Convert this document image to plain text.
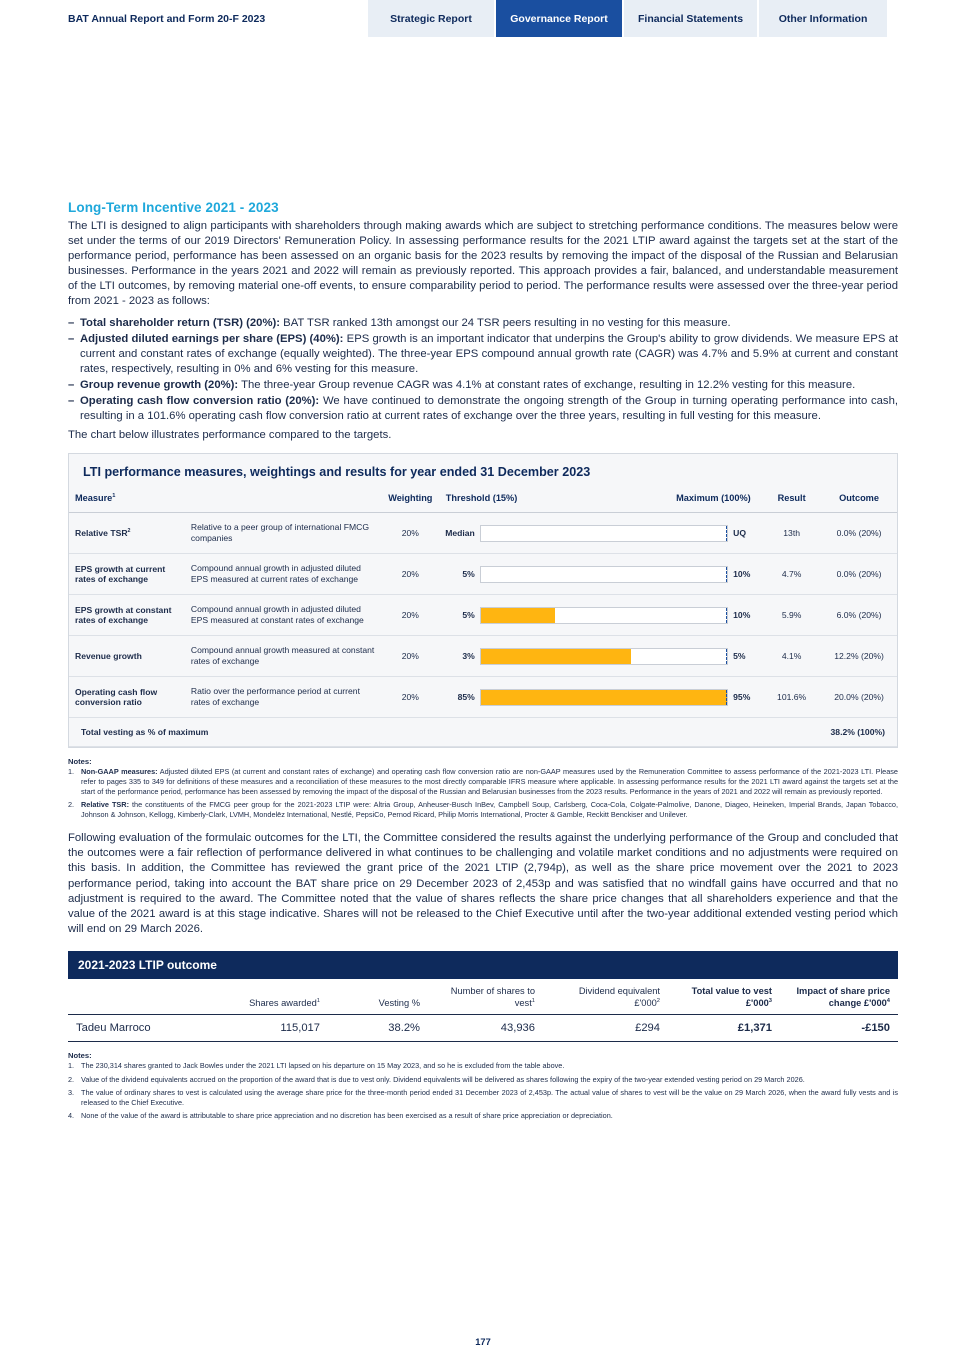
BAT Annual Report and Form 20-F 2023	Strategic Report	Governance Report	Financial Statements	Other Information
Long-Term Incentive 2021 - 2023

The LTI is designed to align participants with shareholders through making awards which are subject to stretching performance conditions. The measures below were set under the terms of our 2019 Directors' Remuneration Policy. In assessing performance results for the 2021 LTIP award against the targets set at the start of the performance period, performance has been assessed on an organic basis for the 2023 results by removing the impact of the disposal of the Russian and Belarusian businesses. Performance in the years 2021 and 2022 will remain as previously reported. This approach provides a fair, balanced, and understandable measurement of the LTI outcomes, by removing material one-off events, to ensure comparability period to period. The performance results were assessed over the three-year period from 2021 - 2023 as follows:

– Total shareholder return (TSR) (20%): BAT TSR ranked 13th amongst our 24 TSR peers resulting in no vesting for this measure.
– Adjusted diluted earnings per share (EPS) (40%): EPS growth is an important indicator that underpins the Group's ability to grow dividends. We measure EPS at current and constant rates of exchange (equally weighted). The three-year EPS compound annual growth rate (CAGR) was 4.7% and 5.9% at current and constant rates, respectively, resulting in 0% and 6% vesting for this measure.
– Group revenue growth (20%): The three-year Group revenue CAGR was 4.1% at constant rates of exchange, resulting in 12.2% vesting for this measure.
– Operating cash flow conversion ratio (20%): We have continued to demonstrate the ongoing strength of the Group in turning operating performance into cash, resulting in a 101.6% operating cash flow conversion ratio at current rates of exchange over the three years, resulting in full vesting for this measure.

The chart below illustrates performance compared to the targets.

LTI performance measures, weightings and results for year ended 31 December 2023
Measure$^1$		Weighting	Threshold (15%) Maximum (100%)	Result	Outcome
Relative TSR$^2$	Relative to a peer group of international FMCG companies	20%	Median UQ	13th	0.0% (20%)
EPS growth at current rates of exchange	Compound annual growth in adjusted diluted EPS measured at current rates of exchange	20%	5% 10%	4.7%	0.0% (20%)
EPS growth at constant rates of exchange	Compound annual growth in adjusted diluted EPS measured at constant rates of exchange	20%	5% 10%	5.9%	6.0% (20%)
Revenue growth	Compound annual growth measured at constant rates of exchange	20%	3% 5%	4.1%	12.2% (20%)
Operating cash flow conversion ratio	Ratio over the performance period at current rates of exchange	20%	85% 95%	101.6%	20.0% (20%)
Total vesting as % of maximum				38.2% (100%)	
Notes:
1. Non-GAAP measures: Adjusted diluted EPS (at current and constant rates of exchange) and operating cash flow conversion ratio are non-GAAP measures used by the Remuneration Committee to assess performance of the 2021-2023 LTI. Please refer to pages 335 to 349 for definitions of these measures and a reconciliation of these measures to the most directly comparable IFRS measure where applicable. In assessing performance results for the 2021 LTI award against the targets set at the start of the performance period, performance has been assessed by removing the impact of the disposal of the Russian and Belarusian businesses from the 2023 results. Performance in the years of 2021 and 2022 will remain as previously reported.
2. Relative TSR: the constituents of the FMCG peer group for the 2021-2023 LTIP were: Altria Group, Anheuser-Busch InBev, Campbell Soup, Carlsberg, Coca-Cola, Colgate-Palmolive, Danone, Diageo, Heineken, Imperial Brands, Japan Tobacco, Johnson & Johnson, Kellogg, Kimberly-Clark, LVMH, Mondelēz International, Nestlé, PepsiCo, Pernod Ricard, Philip Morris International, Procter & Gamble, Reckitt Benckiser and Unilever.

Following evaluation of the formulaic outcomes for the LTI, the Committee considered the results against the underlying performance of the Group and concluded that the outcomes were a fair reflection of performance delivered in what continues to be challenging and volatile market conditions and no adjustments were required on this basis. In addition, the Committee has reviewed the grant price of the 2021 LTIP (2,794p), as well as the share price movement over the 2021 to 2023 performance period, taking into account the BAT share price on 29 December 2023 of 2,453p and was satisfied that no windfall gains have occurred and that no adjustment is required to the award. The Committee noted that the value of shares reflects the share price changes that all shareholders experience and that the value of the 2021 award is at this stage indicative. Shares will not be released to the Chief Executive until after the two-year additional extended vesting period which will end on 29 March 2026.

2021-2023 LTIP outcome
	Shares awarded$^1$	Vesting %	Number of shares to vest$^1$	Dividend equivalent $£'000^2$	Total value to vest $£'000^3$	Impact of share price change $£'000^4$
Tadeu Marroco	115,017	38.2%	43,936	£294	£1,371	-£150
Notes:
1. The 230,314 shares granted to Jack Bowles under the 2021 LTI lapsed on his departure on 15 May 2023, and so he is excluded from the table above.
2. Value of the dividend equivalents accrued on the proportion of the award that is due to vest only. Dividend equivalents will be delivered as shares following the expiry of the two-year extended vesting period on 29 March 2026.
3. The value of ordinary shares to vest is calculated using the average share price for the three-month period ended 31 December 2023 of 2,453p. The actual value of shares to vest will be the value on 29 March 2026, when the award fully vests and is released to the Chief Executive.
4. None of the value of the award is attributable to share price appreciation and no discretion has been exercised as a result of share price appreciation or depreciation.
177
